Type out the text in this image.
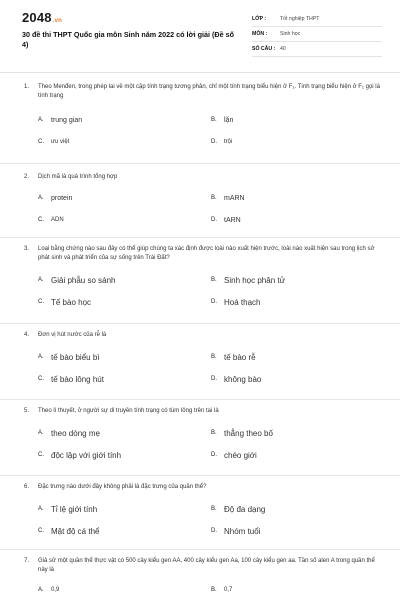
2048.vn
30 đề thi THPT Quốc gia môn Sinh năm 2022 có lời giải (Đề số 4)
LỚP :	Tốt nghiệp THPT
MÔN :	Sinh học
SỐ CÂU : 40
1.	Theo Menđen, trong phép lai về một cặp tính trạng tương phản, chỉ một tính trạng biểu hiện ở F₁. Tính trạng biểu hiện ở F₁ gọi là tính trạng
A.	trung gian	B.	lặn
C.	ưu việt	D.	trội
2.	Dịch mã là quá trình tổng hợp
A.	protein	B.	mARN
C.	ADN	D.	tARN
3.	Loại bằng chứng nào sau đây có thể giúp chúng ta xác định được loài nào xuất hiện trước, loài nào xuất hiện sau trong lịch sử phát sinh và phát triển của sự sống trên Trái Đất?
A. Giải phẫu so sánh	B. Sinh học phân tử
C. Tế bào học	D. Hoá thạch
4.	Đơn vị hút nước của rễ là
A. tế bào biểu bì	B. tế bào rễ
C. tế bào lông hút	D. không bào
5.	Theo lí thuyết, ở người sự di truyền tính trạng có tùm lông trên tai là
A. theo dòng mẹ	B. thẳng theo bố
C. độc lập với giới tính	D. chéo giới
6.	Đặc trưng nào dưới đây không phải là đặc trưng của quần thể?
A. Tỉ lệ giới tính	B. Độ đa dạng
C. Mật độ cá thể	D. Nhóm tuổi
7.	Giả sử một quần thể thực vật có 500 cây kiểu gen AA, 400 cây kiểu gen Aa, 100 cây kiểu gen aa. Tần số alen A trong quần thể này là
A.	0,9	B.	0,7
